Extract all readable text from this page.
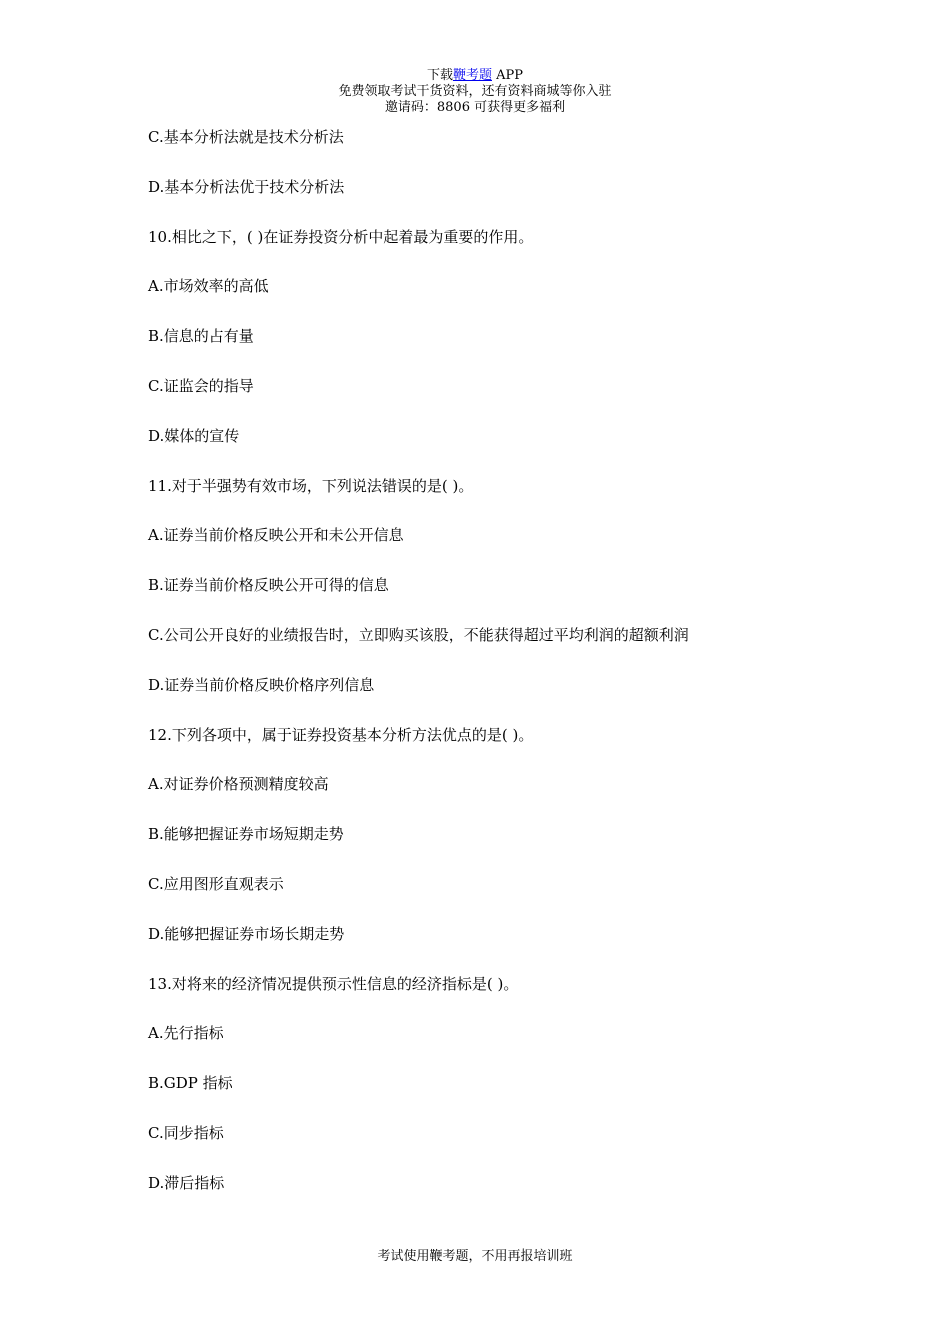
下载鞭考题 APP
免费领取考试干货资料，还有资料商城等你入驻
邀请码：8806 可获得更多福利
C.基本分析法就是技术分析法
D.基本分析法优于技术分析法
10.相比之下，( )在证券投资分析中起着最为重要的作用。
A.市场效率的高低
B.信息的占有量
C.证监会的指导
D.媒体的宣传
11.对于半强势有效市场，下列说法错误的是( )。
A.证券当前价格反映公开和未公开信息
B.证券当前价格反映公开可得的信息
C.公司公开良好的业绩报告时，立即购买该股，不能获得超过平均利润的超额利润
D.证券当前价格反映价格序列信息
12.下列各项中，属于证券投资基本分析方法优点的是( )。
A.对证券价格预测精度较高
B.能够把握证券市场短期走势
C.应用图形直观表示
D.能够把握证券市场长期走势
13.对将来的经济情况提供预示性信息的经济指标是( )。
A.先行指标
B.GDP 指标
C.同步指标
D.滞后指标
考试使用鞭考题，不用再报培训班
